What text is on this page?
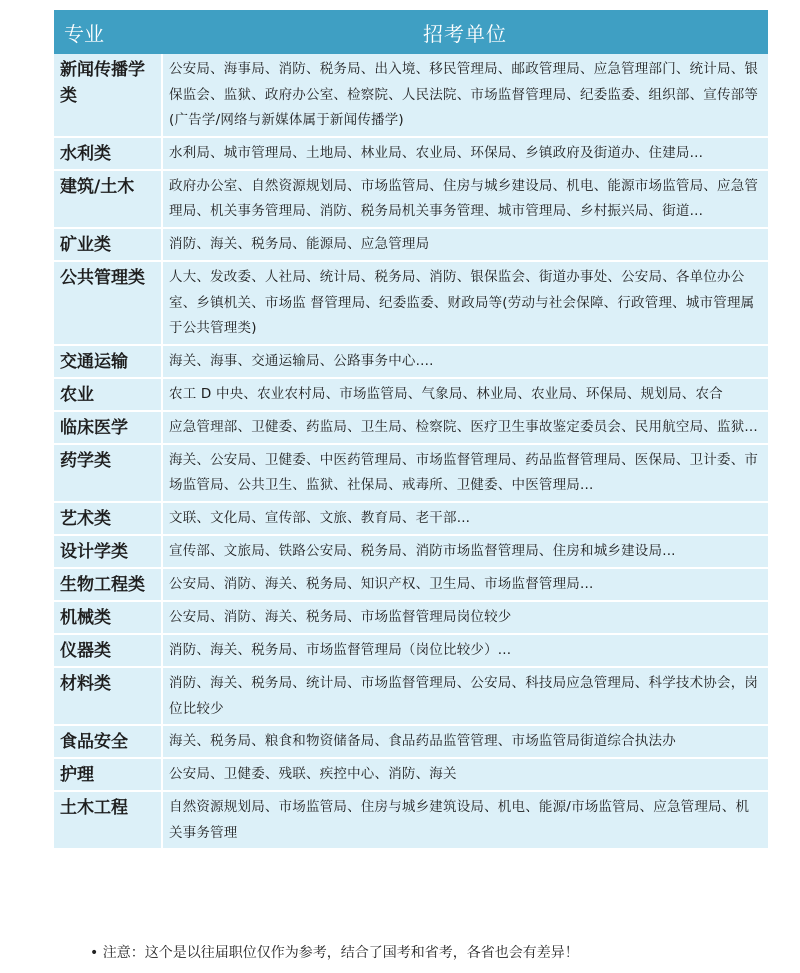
专业	招考单位
新闻传播学类	公安局、海事局、消防、税务局、出入境、移民管理局、邮政管理局、应急管理部门、统计局、银保监会、监狱、政府办公室、检察院、人民法院、市场监督管理局、纪委监委、组织部、宣传部等(广告学/网络与新媒体属于新闻传播学)
水利类	水利局、城市管理局、土地局、林业局、农业局、环保局、乡镇政府及街道办、住建局...
建筑/土木	政府办公室、自然资源规划局、市场监管局、住房与城乡建设局、机电、能源市场监管局、应急管理局、机关事务管理局、消防、税务局机关事务管理、城市管理局、乡村振兴局、街道...
矿业类	消防、海关、税务局、能源局、应急管理局
公共管理类	人大、发改委、人社局、统计局、税务局、消防、银保监会、街道办事处、公安局、各单位办公室、乡镇机关、市场监 督管理局、纪委监委、财政局等(劳动与社会保障、行政管理、城市管理属于公共管理类)
交通运输	海关、海事、交通运输局、公路事务中心....
农业	农工 D 中央、农业农村局、市场监管局、气象局、林业局、农业局、环保局、规划局、农合
临床医学	应急管理部、卫健委、药监局、卫生局、检察院、医疗卫生事故鉴定委员会、民用航空局、监狱...
药学类	海关、公安局、卫健委、中医药管理局、市场监督管理局、药品监督管理局、医保局、卫计委、市场监管局、公共卫生、监狱、社保局、戒毒所、卫健委、中医管理局...
艺术类	文联、文化局、宣传部、文旅、教育局、老干部...
设计学类	宣传部、文旅局、铁路公安局、税务局、消防市场监督管理局、住房和城乡建设局...
生物工程类	公安局、消防、海关、税务局、知识产权、卫生局、市场监督管理局...
机械类	公安局、消防、海关、税务局、市场监督管理局岗位较少
仪器类	消防、海关、税务局、市场监督管理局（岗位比较少）...
材料类	消防、海关、税务局、统计局、市场监督管理局、公安局、科技局应急管理局、科学技术协会，岗位比较少
食品安全	海关、税务局、粮食和物资储备局、食品药品监管管理、市场监管局街道综合执法办
护理	公安局、卫健委、残联、疾控中心、消防、海关
土木工程	自然资源规划局、市场监管局、住房与城乡建筑设局、机电、能源/市场监管局、应急管理局、机关事务管理
• 注意：这个是以往届职位仅作为参考，结合了国考和省考，各省也会有差异！
